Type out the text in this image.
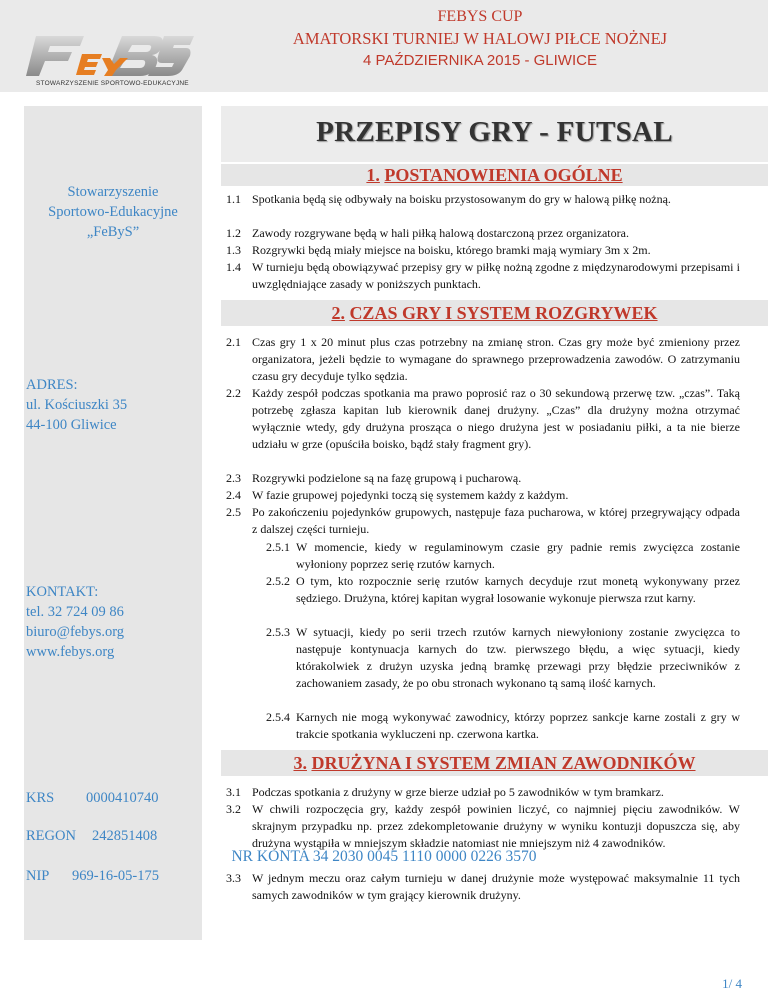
STOWARZYSZENIE SPORTOWO-EDUKACYJNE
FEBYS CUP
AMATORSKI TURNIEJ W HALOWJ PIŁCE NOŻNEJ
4 PAŹDZIERNIKA 2015 - GLIWICE
Stowarzyszenie
Sportowo-Edukacyjne
„FeByS”
ADRES:
ul. Kościuszki 35
44-100 Gliwice
KONTAKT:
tel. 32 724 09 86
biuro@febys.org
www.febys.org
KRS 0000410740
REGON 242851408
NIP 969-16-05-175
PRZEPISY GRY - FUTSAL
1. POSTANOWIENIA OGÓLNE
1.1 Spotkania będą się odbywały na boisku przystosowanym do gry w halową piłkę nożną.
1.2 Zawody rozgrywane będą w hali piłką halową dostarczoną przez organizatora.
1.3 Rozgrywki będą miały miejsce na boisku, którego bramki mają wymiary 3m x 2m.
1.4 W turnieju będą obowiązywać przepisy gry w piłkę nożną zgodne z międzynarodowymi przepisami i uwzględniające zasady w poniższych punktach.
2. CZAS GRY I SYSTEM ROZGRYWEK
2.1 Czas gry 1 x 20 minut plus czas potrzebny na zmianę stron. Czas gry może być zmieniony przez organizatora, jeżeli będzie to wymagane do sprawnego przeprowadzenia zawodów. O zatrzymaniu czasu gry decyduje tylko sędzia.
2.2 Każdy zespół podczas spotkania ma prawo poprosić raz o 30 sekundową przerwę tzw. „czas”. Taką potrzebę zgłasza kapitan lub kierownik danej drużyny. „Czas” dla drużyny można otrzymać wyłącznie wtedy, gdy drużyna prosząca o niego drużyna jest w posiadaniu piłki, a ta nie bierze udziału w grze (opuściła boisko, bądź stały fragment gry).
2.3 Rozgrywki podzielone są na fazę grupową i pucharową.
2.4 W fazie grupowej pojedynki toczą się systemem każdy z każdym.
2.5 Po zakończeniu pojedynków grupowych, następuje faza pucharowa, w której przegrywający odpada z dalszej części turnieju.
2.5.1 W momencie, kiedy w regulaminowym czasie gry padnie remis zwycięzca zostanie wyłoniony poprzez serię rzutów karnych.
2.5.2 O tym, kto rozpocznie serię rzutów karnych decyduje rzut monetą wykonywany przez sędziego. Drużyna, której kapitan wygrał losowanie wykonuje pierwsza rzut karny.
2.5.3 W sytuacji, kiedy po serii trzech rzutów karnych niewyłoniony zostanie zwycięzca to następuje kontynuacja karnych do tzw. pierwszego błędu, a więc sytuacji, kiedy którakolwiek z drużyn uzyska jedną bramkę przewagi przy błędzie przeciwników z zachowaniem zasady, że po obu stronach wykonano tą samą ilość karnych.
2.5.4 Karnych nie mogą wykonywać zawodnicy, którzy poprzez sankcje karne zostali z gry w trakcie spotkania wykluczeni np. czerwona kartka.
3. DRUŻYNA I SYSTEM ZMIAN ZAWODNIKÓW
3.1 Podczas spotkania z drużyny w grze bierze udział po 5 zawodników w tym bramkarz.
3.2 W chwili rozpoczęcia gry, każdy zespół powinien liczyć, co najmniej pięciu zawodników. W skrajnym przypadku np. przez zdekompletowanie drużyny w wyniku kontuzji dopuszcza się, aby drużyna wystąpiła w mniejszym składzie natomiast nie mniejszym niż 4 zawodników.
3.3 W jednym meczu oraz całym turnieju w danej drużynie może występować maksymalnie 11 tych samych zawodników w tym grający kierownik drużyny.
NR KONTA 34 2030 0045 1110 0000 0226 3570
1/ 4
